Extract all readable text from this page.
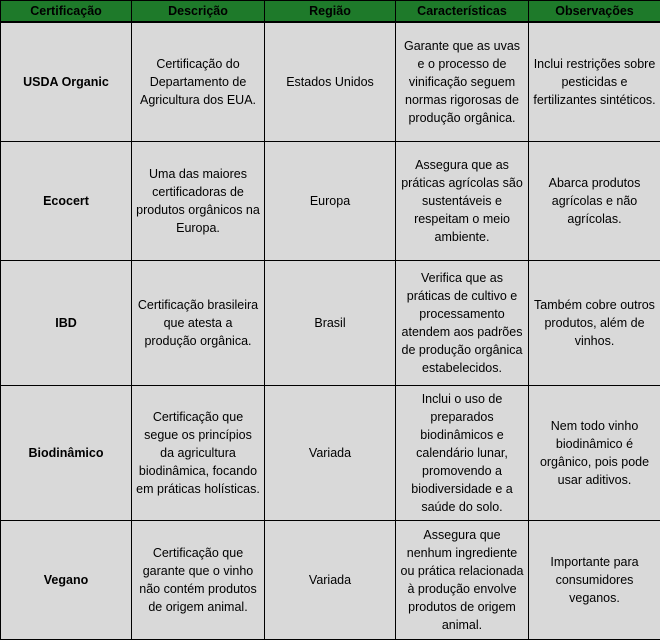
Certificação	Descrição	Região	Características	Observações
USDA Organic	Certificação do Departamento de Agricultura dos EUA.	Estados Unidos	Garante que as uvas e o processo de vinificação seguem normas rigorosas de produção orgânica.	Inclui restrições sobre pesticidas e fertilizantes sintéticos.
Ecocert	Uma das maiores certificadoras de produtos orgânicos na Europa.	Europa	Assegura que as práticas agrícolas são sustentáveis e respeitam o meio ambiente.	Abarca produtos agrícolas e não agrícolas.
IBD	Certificação brasileira que atesta a produção orgânica.	Brasil	Verifica que as práticas de cultivo e processamento atendem aos padrões de produção orgânica estabelecidos.	Também cobre outros produtos, além de vinhos.
Biodinâmico	Certificação que segue os princípios da agricultura biodinâmica, focando em práticas holísticas.	Variada	Inclui o uso de preparados biodinâmicos e calendário lunar, promovendo a biodiversidade e a saúde do solo.	Nem todo vinho biodinâmico é orgânico, pois pode usar aditivos.
Vegano	Certificação que garante que o vinho não contém produtos de origem animal.	Variada	Assegura que nenhum ingrediente ou prática relacionada à produção envolve produtos de origem animal.	Importante para consumidores veganos.
